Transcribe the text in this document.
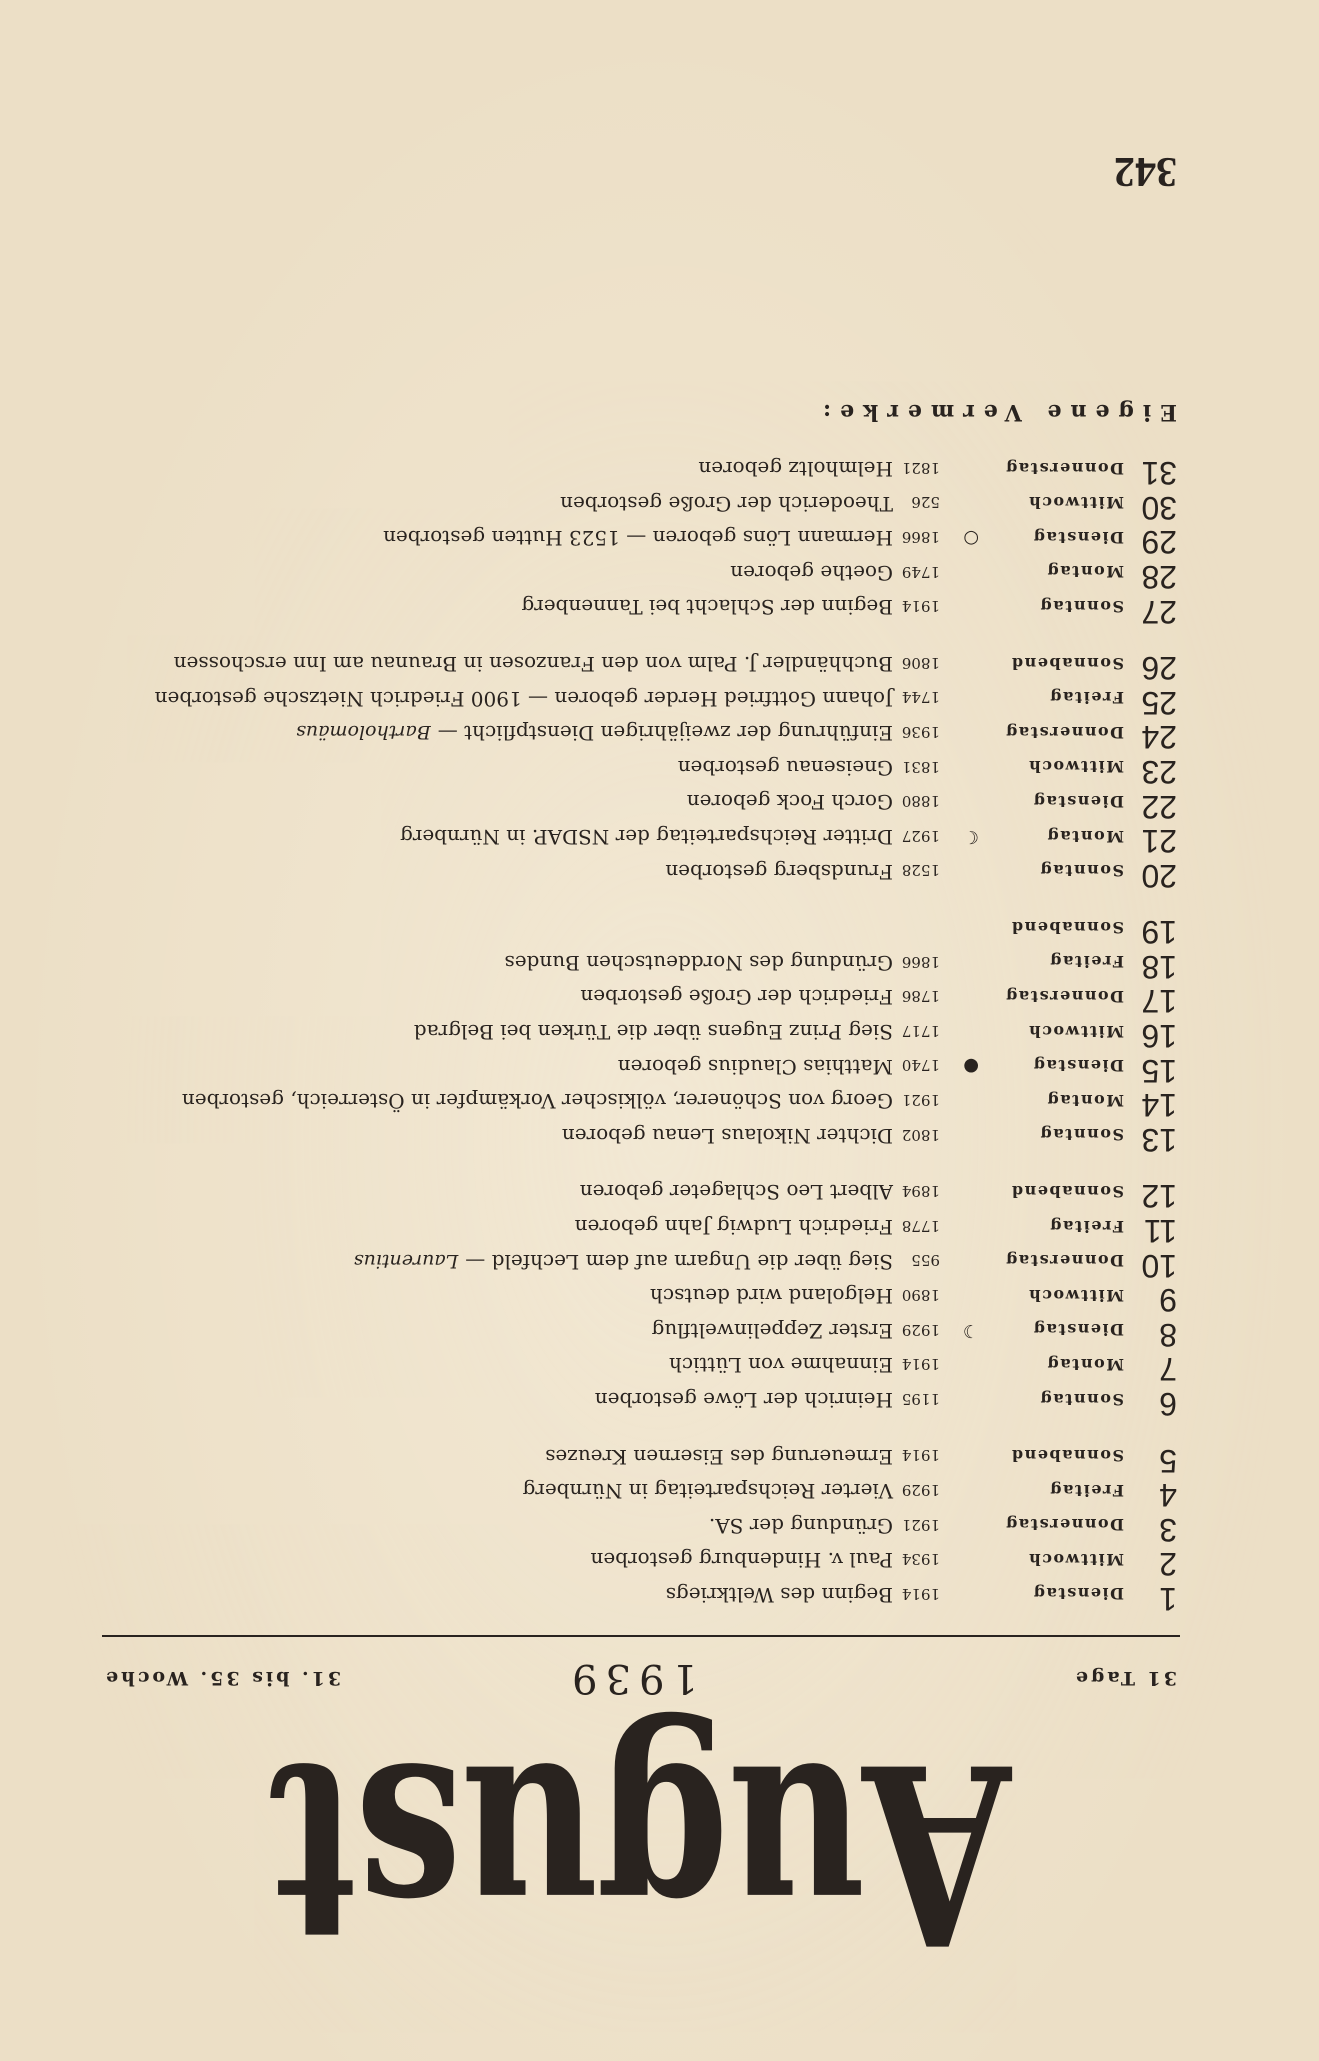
August
31 Tage
1939
31. bis 35. Woche
1
Dienstag
1914
Beginn des Weltkriegs
2
Mittwoch
1934
Paul v. Hindenburg gestorben
3
Donnerstag
1921
Gründung der SA.
4
Freitag
1929
Vierter Reichsparteitag in Nürnberg
5
Sonnabend
1914
Erneuerung des Eisernen Kreuzes
6
Sonntag
1195
Heinrich der Löwe gestorben
7
Montag
1914
Einnahme von Lüttich
8
Dienstag
☽
1929
Erster Zeppelinweltflug
9
Mittwoch
1890
Helgoland wird deutsch
10
Donnerstag
955
Sieg über die Ungarn auf dem Lechfeld —Laurentius
11
Freitag
1778
Friedrich Ludwig Jahn geboren
12
Sonnabend
1894
Albert Leo Schlageter geboren
13
Sonntag
1802
Dichter Nikolaus Lenau geboren
14
Montag
1921
Georg von Schönerer, völkischer Vorkämpfer in Österreich, gestorben
15
Dienstag
●
1740
Matthias Claudius geboren
16
Mittwoch
1717
Sieg Prinz Eugens über die Türken bei Belgrad
17
Donnerstag
1786
Friedrich der Große gestorben
18
Freitag
1866
Gründung des Norddeutschen Bundes
19
Sonnabend
20
Sonntag
1528
Frundsberg gestorben
21
Montag
☾
1927
Dritter Reichsparteitag der NSDAP. in Nürnberg
22
Dienstag
1880
Gorch Fock geboren
23
Mittwoch
1831
Gneisenau gestorben
24
Donnerstag
1936
Einführung der zweijährigen Dienstpflicht —Bartholomäus
25
Freitag
1744
Johann Gottfried Herder geboren — 1900 Friedrich Nietzsche gestorben
26
Sonnabend
1806
Buchhändler J. Palm von den Franzosen in Braunau am Inn erschossen
27
Sonntag
1914
Beginn der Schlacht bei Tannenberg
28
Montag
1749
Goethe geboren
29
Dienstag
○
1866
Hermann Löns geboren — 1523 Hutten gestorben
30
Mittwoch
526
Theoderich der Große gestorben
31
Donnerstag
1821
Helmholtz geboren
Eigene Vermerke:
342
